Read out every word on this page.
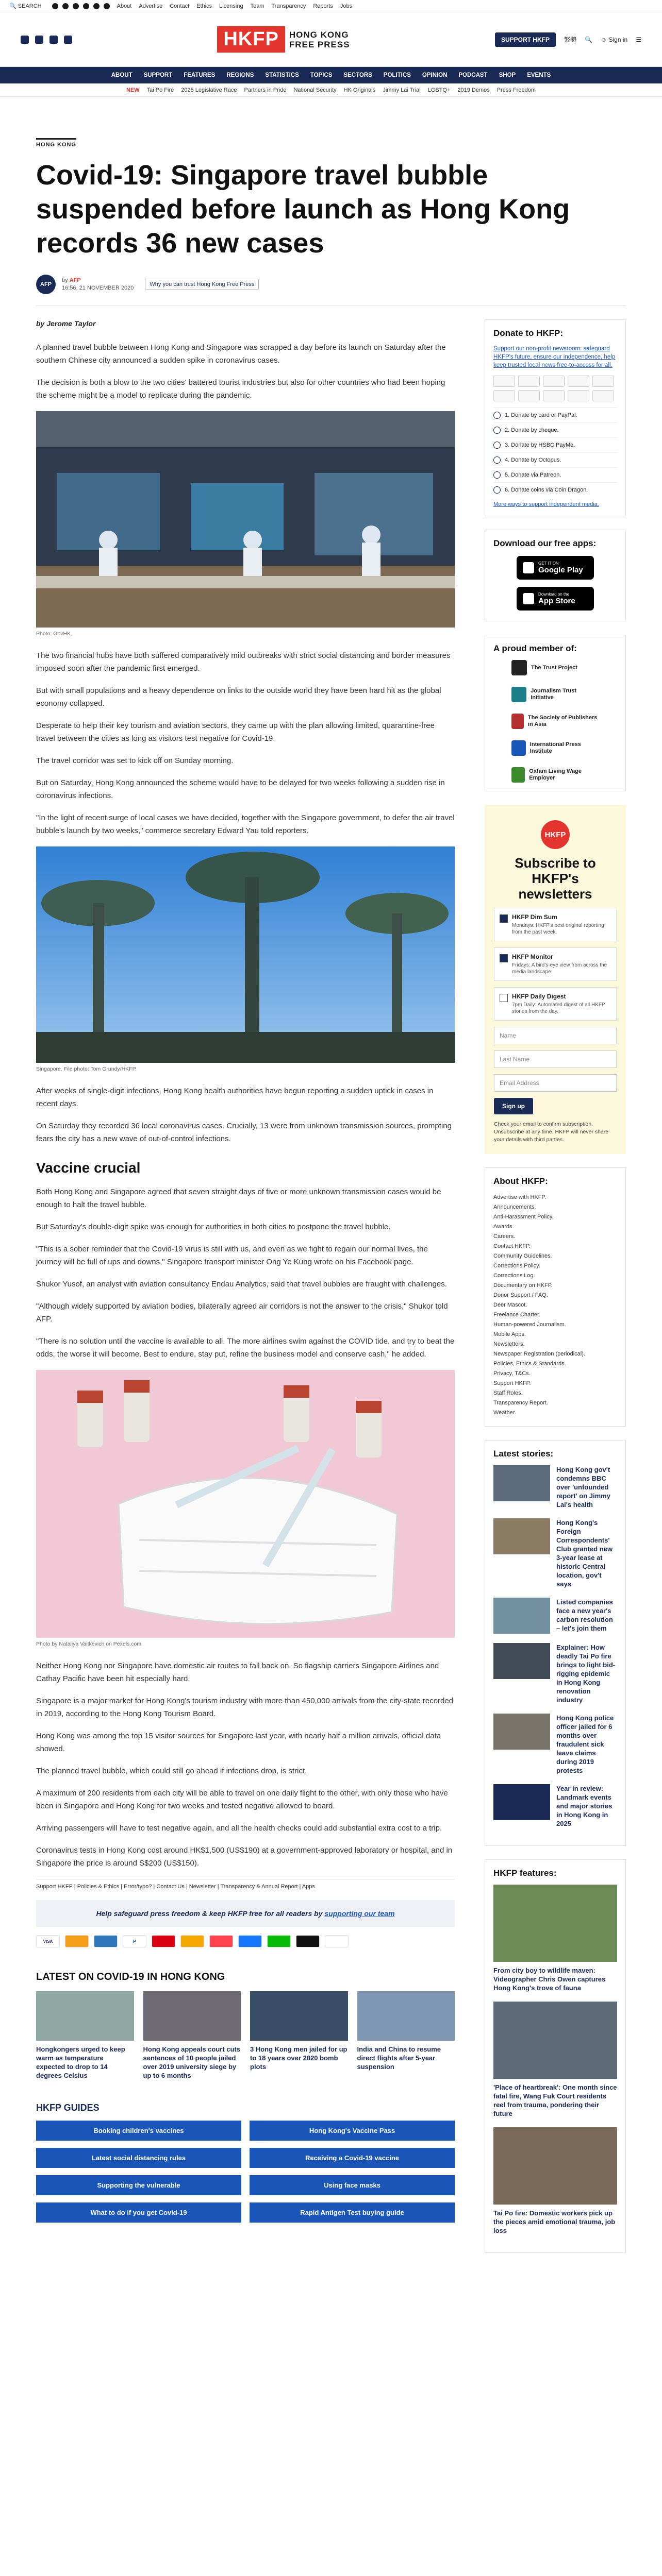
🔍 SEARCH	About Advertise Contact Ethics Licensing Team Transparency Reports Jobs
HKFP	HONG KONG
FREE PRESS	SUPPORT HKFP	繁體 🔍 ☺ Sign in ☰
ABOUT SUPPORT FEATURES REGIONS STATISTICS TOPICS SECTORS POLITICS OPINION PODCAST SHOP EVENTS
NEW Tai Po Fire 2025 Legislative Race Partners in Pride National Security HK Originals Jimmy Lai Trial LGBTQ+ 2019 Demos Press Freedom
HONG KONG
Covid-19: Singapore travel bubble suspended before launch as Hong Kong records 36 new cases
AFP
by AFP
16:56, 21 NOVEMBER 2020
Why you can trust Hong Kong Free Press
by Jerome Taylor

A planned travel bubble between Hong Kong and Singapore was scrapped a day before its launch on Saturday after the southern Chinese city announced a sudden spike in coronavirus cases.

The decision is both a blow to the two cities' battered tourist industries but also for other countries who had been hoping the scheme might be a model to replicate during the pandemic.

Photo: GovHK.

The two financial hubs have both suffered comparatively mild outbreaks with strict social distancing and border measures imposed soon after the pandemic first emerged.

But with small populations and a heavy dependence on links to the outside world they have been hard hit as the global economy collapsed.

Desperate to help their key tourism and aviation sectors, they came up with the plan allowing limited, quarantine-free travel between the cities as long as visitors test negative for Covid-19.

The travel corridor was set to kick off on Sunday morning.

But on Saturday, Hong Kong announced the scheme would have to be delayed for two weeks following a sudden rise in coronavirus infections.

"In the light of recent surge of local cases we have decided, together with the Singapore government, to defer the air travel bubble's launch by two weeks," commerce secretary Edward Yau told reporters.

Singapore. File photo: Tom Grundy/HKFP.

After weeks of single-digit infections, Hong Kong health authorities have begun reporting a sudden uptick in cases in recent days.

On Saturday they recorded 36 local coronavirus cases. Crucially, 13 were from unknown transmission sources, prompting fears the city has a new wave of out-of-control infections.

Vaccine crucial

Both Hong Kong and Singapore agreed that seven straight days of five or more unknown transmission cases would be enough to halt the travel bubble.

But Saturday's double-digit spike was enough for authorities in both cities to postpone the travel bubble.

"This is a sober reminder that the Covid-19 virus is still with us, and even as we fight to regain our normal lives, the journey will be full of ups and downs," Singapore transport minister Ong Ye Kung wrote on his Facebook page.

Shukor Yusof, an analyst with aviation consultancy Endau Analytics, said that travel bubbles are fraught with challenges.

"Although widely supported by aviation bodies, bilaterally agreed air corridors is not the answer to the crisis," Shukor told AFP.

"There is no solution until the vaccine is available to all. The more airlines swim against the COVID tide, and try to beat the odds, the worse it will become. Best to endure, stay put, refine the business model and conserve cash," he added.

Photo by Nataliya Vaitkevich on Pexels.com

Neither Hong Kong nor Singapore have domestic air routes to fall back on. So flagship carriers Singapore Airlines and Cathay Pacific have been hit especially hard.

Singapore is a major market for Hong Kong's tourism industry with more than 450,000 arrivals from the city-state recorded in 2019, according to the Hong Kong Tourism Board.

Hong Kong was among the top 15 visitor sources for Singapore last year, with nearly half a million arrivals, official data showed.

The planned travel bubble, which could still go ahead if infections drop, is strict.

A maximum of 200 residents from each city will be able to travel on one daily flight to the other, with only those who have been in Singapore and Hong Kong for two weeks and tested negative allowed to board.

Arriving passengers will have to test negative again, and all the health checks could add substantial extra cost to a trip.

Coronavirus tests in Hong Kong cost around HK$1,500 (US$190) at a government-approved laboratory or hospital, and in Singapore the price is around S$200 (US$150).

Support HKFP | Policies & Ethics | Error/typo? | Contact Us | Newsletter | Transparency & Annual Report | Apps
Help safeguard press freedom & keep HKFP free for all readers by supporting our team
VISA	P
LATEST ON COVID-19 IN HONG KONG
Hongkongers urged to keep warm as temperature expected to drop to 14 degrees Celsius
Hong Kong appeals court cuts sentences of 10 people jailed over 2019 university siege by up to 6 months
3 Hong Kong men jailed for up to 18 years over 2020 bomb plots
India and China to resume direct flights after 5-year suspension
HKFP GUIDES
Booking children's vaccines	Hong Kong's Vaccine Pass
Latest social distancing rules	Receiving a Covid-19 vaccine
Supporting the vulnerable	Using face masks
What to do if you get Covid-19	Rapid Antigen Test buying guide
Donate to HKFP:

Support our non-profit newsroom: safeguard HKFP's future, ensure our independence, help keep trusted local news free-to-access for all.

1. Donate by card or PayPal.
2. Donate by cheque.
3. Donate by HSBC PayMe.
4. Donate by Octopus.
5. Donate via Patreon.
6. Donate coins via Coin Dragon.
More ways to support independent media.
Download our free apps:
GET IT ON
Google Play
Download on the
App Store
A proud member of:
The Trust Project
Journalism Trust Initiative
The Society of Publishers in Asia
International Press Institute
Oxfam Living Wage Employer
HKFP
Subscribe to HKFP's newsletters
HKFP Dim Sum
Mondays: HKFP's best original reporting from the past week.
HKFP Monitor
Fridays: A bird's-eye view from across the media landscape.
HKFP Daily Digest
7pm Daily: Automated digest of all HKFP stories from the day.
Name
Last Name
Email Address
Sign up
Check your email to confirm subscription. Unsubscribe at any time. HKFP will never share your details with third parties.
About HKFP:
Advertise with HKFP.
Announcements.
Anti-Harassment Policy.
Awards.
Careers.
Contact HKFP.
Community Guidelines.
Corrections Policy.
Corrections Log.
Documentary on HKFP.
Donor Support / FAQ.
Deer Mascot.
Freelance Charter.
Human-powered Journalism.
Mobile Apps.
Newsletters.
Newspaper Registration (periodical).
Policies, Ethics & Standards.
Privacy, T&Cs.
Support HKFP.
Staff Roles.
Transparency Report.
Weather.
Latest stories:
Hong Kong gov't condemns BBC over 'unfounded report' on Jimmy Lai's health
Hong Kong's Foreign Correspondents' Club granted new 3-year lease at historic Central location, gov't says
Listed companies face a new year's carbon resolution – let's join them
Explainer: How deadly Tai Po fire brings to light bid-rigging epidemic in Hong Kong renovation industry
Hong Kong police officer jailed for 6 months over fraudulent sick leave claims during 2019 protests
Year in review: Landmark events and major stories in Hong Kong in 2025
HKFP features:
From city boy to wildlife maven: Videographer Chris Owen captures Hong Kong's trove of fauna
'Place of heartbreak': One month since fatal fire, Wang Fuk Court residents reel from trauma, pondering their future
Tai Po fire: Domestic workers pick up the pieces amid emotional trauma, job loss
